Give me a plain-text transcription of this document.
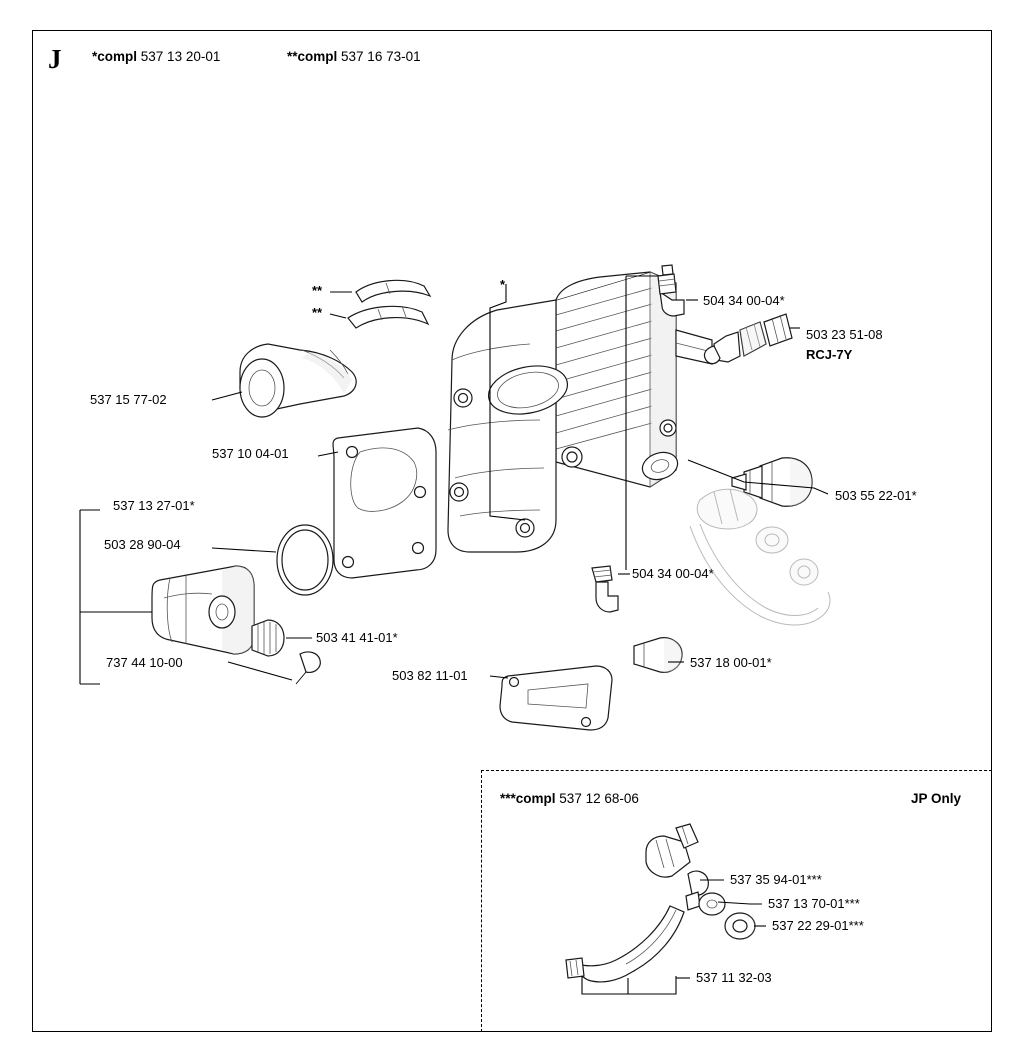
J *compl 537 13 20-01	**compl 537 16 73-01
537 15 77-02
537 10 04-01
537 13 27-01*
503 28 90-04
503 41 41-01*
737 44 10-00
503 82 11-01
504 34 00-04*
503 23 51-08
RCJ-7Y
503 55 22-01*
504 34 00-04*
537 18 00-01*
**
**
*
***compl 537 12 68-06	JP Only
537 35 94-01***
537 13 70-01***
537 22 29-01***
537 11 32-03
